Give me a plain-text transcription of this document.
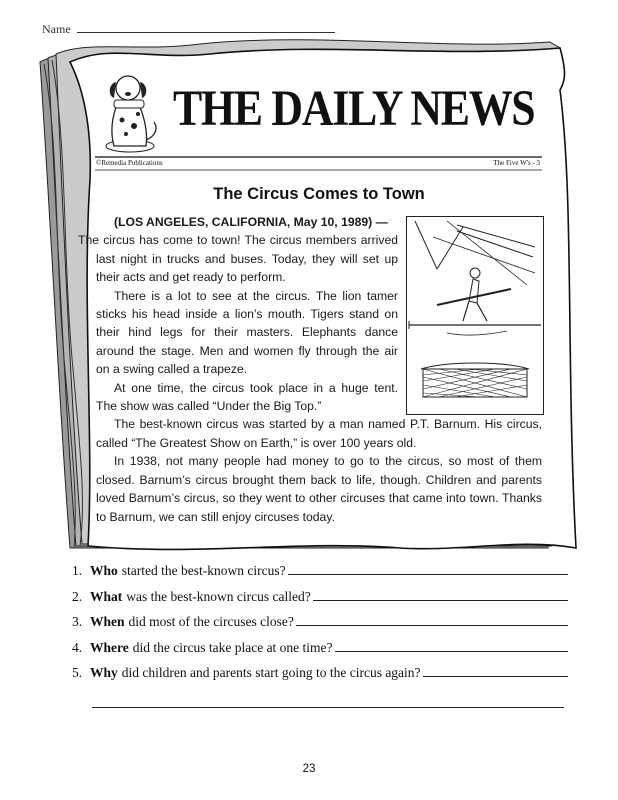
Name
THE DAILY NEWS
©Remedia Publications	The Five W's - 3
The Circus Comes to Town

(LOS ANGELES, CALIFORNIA, May 10, 1989) —

The circus has come to town! The circus members arrived last night in trucks and buses. Today, they will set up their acts and get ready to perform.

There is a lot to see at the circus. The lion tamer sticks his head inside a lion’s mouth. Tigers stand on their hind legs for their masters. Elephants dance around the stage. Men and women fly through the air on a swing called a trapeze.

At one time, the circus took place in a huge tent. The show was called “Under the Big Top.”

The best-known circus was started by a man named P.T. Barnum. His circus, called “The Greatest Show on Earth,” is over 100 years old.

In 1938, not many people had money to go to the circus, so most of them closed. Barnum’s circus brought them back to life, though. Children and parents loved Barnum’s circus, so they went to other circuses that came into town. Thanks to Barnum, we can still enjoy circuses today.

1. Who started the best-known circus?
2. What was the best-known circus called?
3. When did most of the circuses close?
4. Where did the circus take place at one time?
5. Why did children and parents start going to the circus again?
23
